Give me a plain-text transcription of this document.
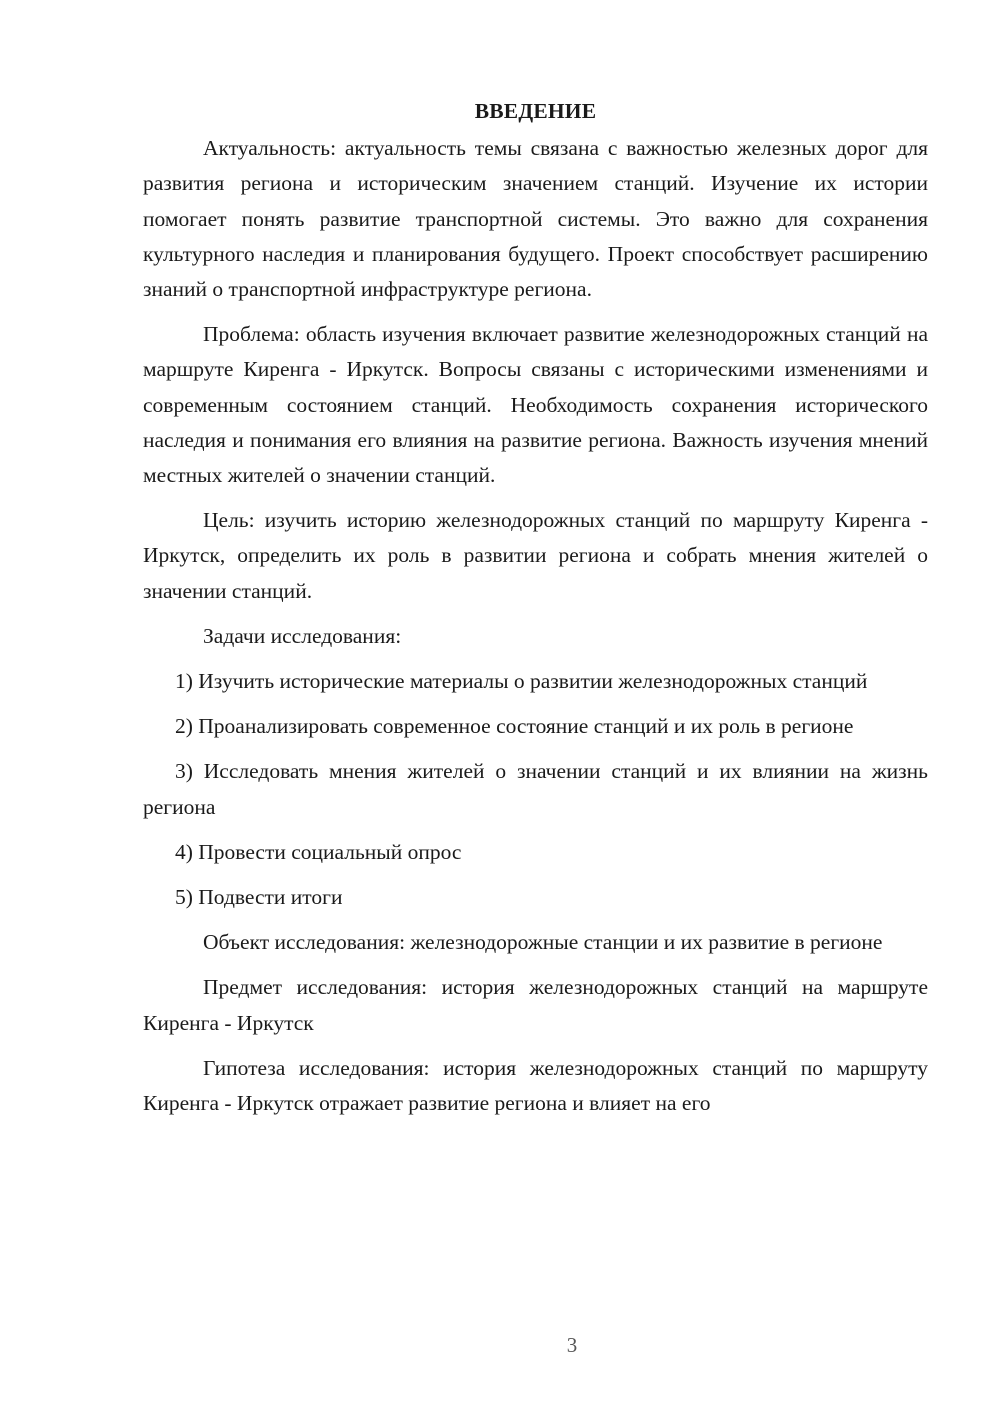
ВВЕДЕНИЕ

Актуальность: актуальность темы связана с важностью железных дорог для развития региона и историческим значением станций. Изучение их истории помогает понять развитие транспортной системы. Это важно для сохранения культурного наследия и планирования будущего. Проект способствует расширению знаний о транспортной инфраструктуре региона.

Проблема: область изучения включает развитие железнодорожных станций на маршруте Киренга - Иркутск. Вопросы связаны с историческими изменениями и современным состоянием станций. Необходимость сохранения исторического наследия и понимания его влияния на развитие региона. Важность изучения мнений местных жителей о значении станций.

Цель: изучить историю железнодорожных станций по маршруту Киренга - Иркутск, определить их роль в развитии региона и собрать мнения жителей о значении станций.

Задачи исследования:

1) Изучить исторические материалы о развитии железнодорожных станций

2) Проанализировать современное состояние станций и их роль в регионе

3) Исследовать мнения жителей о значении станций и их влиянии на жизнь региона

4) Провести социальный опрос

5) Подвести итоги

Объект исследования: железнодорожные станции и их развитие в регионе

Предмет исследования: история железнодорожных станций на маршруте Киренга - Иркутск

Гипотеза исследования: история железнодорожных станций по маршруту Киренга - Иркутск отражает развитие региона и влияет на его

3
